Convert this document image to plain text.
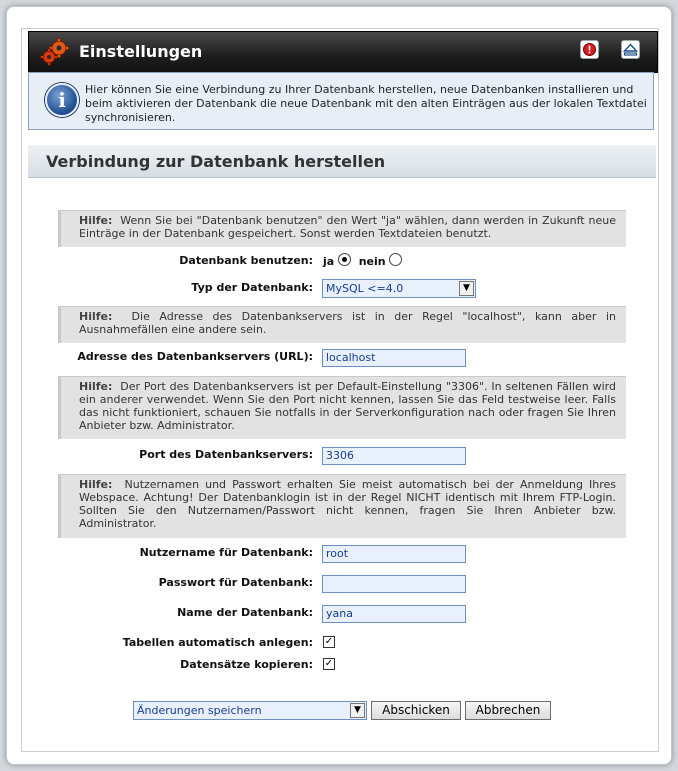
Einstellungen
i	Hier können Sie eine Verbindung zu Ihrer Datenbank herstellen, neue Datenbanken installieren und beim aktivieren der Datenbank die neue Datenbank mit den alten Einträgen aus der lokalen Textdatei synchronisieren.
Verbindung zur Datenbank herstellen
Hilfe: Wenn Sie bei "Datenbank benutzen" den Wert "ja" wählen, dann werden in Zukunft neue Einträge in der Datenbank gespeichert. Sonst werden Textdateien benutzt.
Datenbank benutzen: ja nein
Typ der Datenbank:	MySQL <=4.0	▼
Hilfe: Die Adresse des Datenbankservers ist in der Regel "localhost", kann aber in Ausnahmefällen eine andere sein.
Adresse des Datenbankservers (URL):	localhost
Hilfe: Der Port des Datenbankservers ist per Default-Einstellung "3306". In seltenen Fällen wird ein anderer verwendet. Wenn Sie den Port nicht kennen, lassen Sie das Feld testweise leer. Falls das nicht funktioniert, schauen Sie notfalls in der Serverkonfiguration nach oder fragen Sie Ihren Anbieter bzw. Administrator.
Port des Datenbankservers:	3306
Hilfe: Nutzernamen und Passwort erhalten Sie meist automatisch bei der Anmeldung Ihres Webspace. Achtung! Der Datenbanklogin ist in der Regel NICHT identisch mit Ihrem FTP-Login. Sollten Sie den Nutzernamen/Passwort nicht kennen, fragen Sie Ihren Anbieter bzw. Administrator.
Nutzername für Datenbank:	root
Passwort für Datenbank:
Name der Datenbank:	yana
Tabellen automatisch anlegen: ✓
Datensätze kopieren: ✓
Änderungen speichern	▼	Abschicken	Abbrechen
